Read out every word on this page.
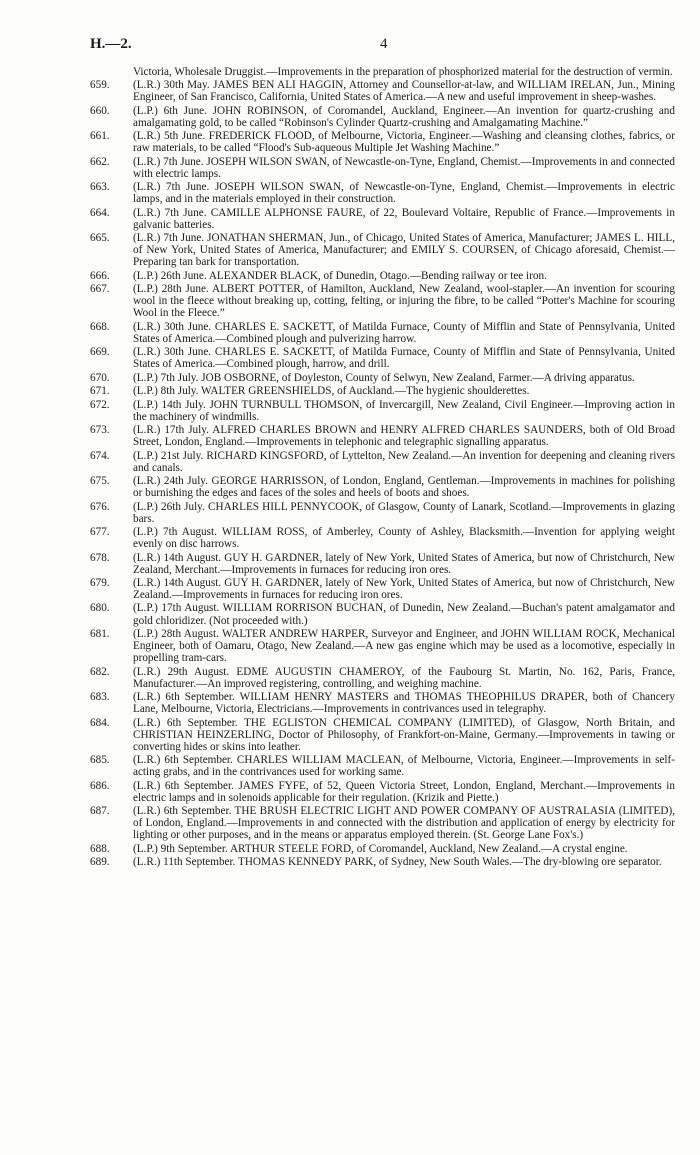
H.—2.	4
Victoria, Wholesale Druggist.—Improvements in the preparation of phosphorized material for the destruction of vermin.
659. (L.R.) 30th May. JAMES BEN ALI HAGGIN, Attorney and Counsellor-at-law, and WILLIAM IRELAN, Jun., Mining Engineer, of San Francisco, California, United States of America.—A new and useful improvement in sheep-washes.
660. (L.P.) 6th June. JOHN ROBINSON, of Coromandel, Auckland, Engineer.—An invention for quartz-crushing and amalgamating gold, to be called “Robinson's Cylinder Quartz-crushing and Amalgamating Machine.”
661. (L.R.) 5th June. FREDERICK FLOOD, of Melbourne, Victoria, Engineer.—Washing and cleansing clothes, fabrics, or raw materials, to be called “Flood's Sub-aqueous Multiple Jet Washing Machine.”
662. (L.R.) 7th June. JOSEPH WILSON SWAN, of Newcastle-on-Tyne, England, Chemist.—Improvements in and connected with electric lamps.
663. (L.R.) 7th June. JOSEPH WILSON SWAN, of Newcastle-on-Tyne, England, Chemist.—Improvements in electric lamps, and in the materials employed in their construction.
664. (L.R.) 7th June. CAMILLE ALPHONSE FAURE, of 22, Boulevard Voltaire, Republic of France.—Improvements in galvanic batteries.
665. (L.R.) 7th June. JONATHAN SHERMAN, Jun., of Chicago, United States of America, Manufacturer; JAMES L. HILL, of New York, United States of America, Manufacturer; and EMILY S. COURSEN, of Chicago aforesaid, Chemist.—Preparing tan bark for transportation.
666. (L.P.) 26th June. ALEXANDER BLACK, of Dunedin, Otago.—Bending railway or tee iron.
667. (L.P.) 28th June. ALBERT POTTER, of Hamilton, Auckland, New Zealand, wool-stapler.—An invention for scouring wool in the fleece without breaking up, cotting, felting, or injuring the fibre, to be called “Potter's Machine for scouring Wool in the Fleece.”
668. (L.R.) 30th June. CHARLES E. SACKETT, of Matilda Furnace, County of Mifflin and State of Pennsylvania, United States of America.—Combined plough and pulverizing harrow.
669. (L.R.) 30th June. CHARLES E. SACKETT, of Matilda Furnace, County of Mifflin and State of Pennsylvania, United States of America.—Combined plough, harrow, and drill.
670. (L.P.) 7th July. JOB OSBORNE, of Doyleston, County of Selwyn, New Zealand, Farmer.—A driving apparatus.
671. (L.P.) 8th July. WALTER GREENSHIELDS, of Auckland.—The hygienic shoulderettes.
672. (L.P.) 14th July. JOHN TURNBULL THOMSON, of Invercargill, New Zealand, Civil Engineer.—Improving action in the machinery of windmills.
673. (L.R.) 17th July. ALFRED CHARLES BROWN and HENRY ALFRED CHARLES SAUNDERS, both of Old Broad Street, London, England.—Improvements in telephonic and telegraphic signalling apparatus.
674. (L.P.) 21st July. RICHARD KINGSFORD, of Lyttelton, New Zealand.—An invention for deepening and cleaning rivers and canals.
675. (L.R.) 24th July. GEORGE HARRISSON, of London, England, Gentleman.—Improvements in machines for polishing or burnishing the edges and faces of the soles and heels of boots and shoes.
676. (L.P.) 26th July. CHARLES HILL PENNYCOOK, of Glasgow, County of Lanark, Scotland.—Improvements in glazing bars.
677. (L.P.) 7th August. WILLIAM ROSS, of Amberley, County of Ashley, Blacksmith.—Invention for applying weight evenly on disc harrows.
678. (L.R.) 14th August. GUY H. GARDNER, lately of New York, United States of America, but now of Christchurch, New Zealand, Merchant.—Improvements in furnaces for reducing iron ores.
679. (L.R.) 14th August. GUY H. GARDNER, lately of New York, United States of America, but now of Christchurch, New Zealand.—Improvements in furnaces for reducing iron ores.
680. (L.P.) 17th August. WILLIAM RORRISON BUCHAN, of Dunedin, New Zealand.—Buchan's patent amalgamator and gold chloridizer. (Not proceeded with.)
681. (L.P.) 28th August. WALTER ANDREW HARPER, Surveyor and Engineer, and JOHN WILLIAM ROCK, Mechanical Engineer, both of Oamaru, Otago, New Zealand.—A new gas engine which may be used as a locomotive, especially in propelling tram-cars.
682. (L.R.) 29th August. EDME AUGUSTIN CHAMEROY, of the Faubourg St. Martin, No. 162, Paris, France, Manufacturer.—An improved registering, controlling, and weighing machine.
683. (L.R.) 6th September. WILLIAM HENRY MASTERS and THOMAS THEOPHILUS DRAPER, both of Chancery Lane, Melbourne, Victoria, Electricians.—Improvements in contrivances used in telegraphy.
684. (L.R.) 6th September. THE EGLISTON CHEMICAL COMPANY (LIMITED), of Glasgow, North Britain, and CHRISTIAN HEINZERLING, Doctor of Philosophy, of Frankfort-on-Maine, Germany.—Improvements in tawing or converting hides or skins into leather.
685. (L.R.) 6th September. CHARLES WILLIAM MACLEAN, of Melbourne, Victoria, Engineer.—Improvements in self-acting grabs, and in the contrivances used for working same.
686. (L.R.) 6th September. JAMES FYFE, of 52, Queen Victoria Street, London, England, Merchant.—Improvements in electric lamps and in solenoids applicable for their regulation. (Krizik and Piette.)
687. (L.R.) 6th September. THE BRUSH ELECTRIC LIGHT AND POWER COMPANY OF AUSTRALASIA (LIMITED), of London, England.—Improvements in and connected with the distribution and application of energy by electricity for lighting or other purposes, and in the means or apparatus employed therein. (St. George Lane Fox's.)
688. (L.P.) 9th September. ARTHUR STEELE FORD, of Coromandel, Auckland, New Zealand.—A crystal engine.
689. (L.R.) 11th September. THOMAS KENNEDY PARK, of Sydney, New South Wales.—The dry-blowing ore separator.
